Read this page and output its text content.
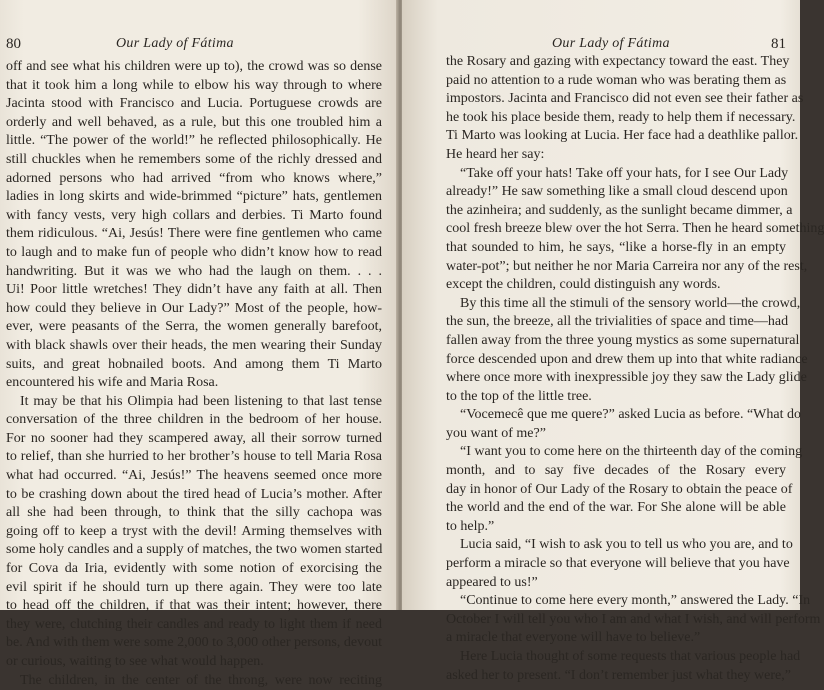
80	Our Lady of Fátima
off and see what his children were up to), the crowd was so dense
that it took him a long while to elbow his way through to where
Jacinta stood with Francisco and Lucia. Portuguese crowds are
orderly and well behaved, as a rule, but this one troubled him a
little. “The power of the world!” he reflected philosophically. He
still chuckles when he remembers some of the richly dressed and
adorned persons who had arrived “from who knows where,”
ladies in long skirts and wide-brimmed “picture” hats, gentlemen
with fancy vests, very high collars and derbies. Ti Marto found
them ridiculous. “Ai, Jesús! There were fine gentlemen who came
to laugh and to make fun of people who didn’t know how to read
handwriting. But it was we who had the laugh on them. . . .
Ui! Poor little wretches! They didn’t have any faith at all. Then
how could they believe in Our Lady?” Most of the people, how-
ever, were peasants of the Serra, the women generally barefoot,
with black shawls over their heads, the men wearing their Sunday
suits, and great hobnailed boots. And among them Ti Marto
encountered his wife and Maria Rosa.
It may be that his Olimpia had been listening to that last tense
conversation of the three children in the bedroom of her house.
For no sooner had they scampered away, all their sorrow turned
to relief, than she hurried to her brother’s house to tell Maria Rosa
what had occurred. “Ai, Jesús!” The heavens seemed once more
to be crashing down about the tired head of Lucia’s mother. After
all she had been through, to think that the silly cachopa was
going off to keep a tryst with the devil! Arming themselves with
some holy candles and a supply of matches, the two women started
for Cova da Iria, evidently with some notion of exorcising the
evil spirit if he should turn up there again. They were too late
to head off the children, if that was their intent; however, there
they were, clutching their candles and ready to light them if need
be. And with them were some 2,000 to 3,000 other persons, devout
or curious, waiting to see what would happen.
The children, in the center of the throng, were now reciting
Our Lady of Fátima	81
the Rosary and gazing with expectancy toward the east. They
paid no attention to a rude woman who was berating them as
impostors. Jacinta and Francisco did not even see their father as
he took his place beside them, ready to help them if necessary.
Ti Marto was looking at Lucia. Her face had a deathlike pallor.
He heard her say:
“Take off your hats! Take off your hats, for I see Our Lady
already!” He saw something like a small cloud descend upon
the azinheira; and suddenly, as the sunlight became dimmer, a
cool fresh breeze blew over the hot Serra. Then he heard something
that sounded to him, he says, “like a horse-fly in an empty
water-pot”; but neither he nor Maria Carreira nor any of the rest,
except the children, could distinguish any words.
By this time all the stimuli of the sensory world—the crowd,
the sun, the breeze, all the trivialities of space and time—had
fallen away from the three young mystics as some supernatural
force descended upon and drew them up into that white radiance
where once more with inexpressible joy they saw the Lady glide
to the top of the little tree.
“Vocemecê que me quere?” asked Lucia as before. “What do
you want of me?”
“I want you to come here on the thirteenth day of the coming
month, and to say five decades of the Rosary every
day in honor of Our Lady of the Rosary to obtain the peace of
the world and the end of the war. For She alone will be able
to help.”
Lucia said, “I wish to ask you to tell us who you are, and to
perform a miracle so that everyone will believe that you have
appeared to us!”
“Continue to come here every month,” answered the Lady. “In
October I will tell you who I am and what I wish, and will perform
a miracle that everyone will have to believe.”
Here Lucia thought of some requests that various people had
asked her to present. “I don’t remember just what they were,”
